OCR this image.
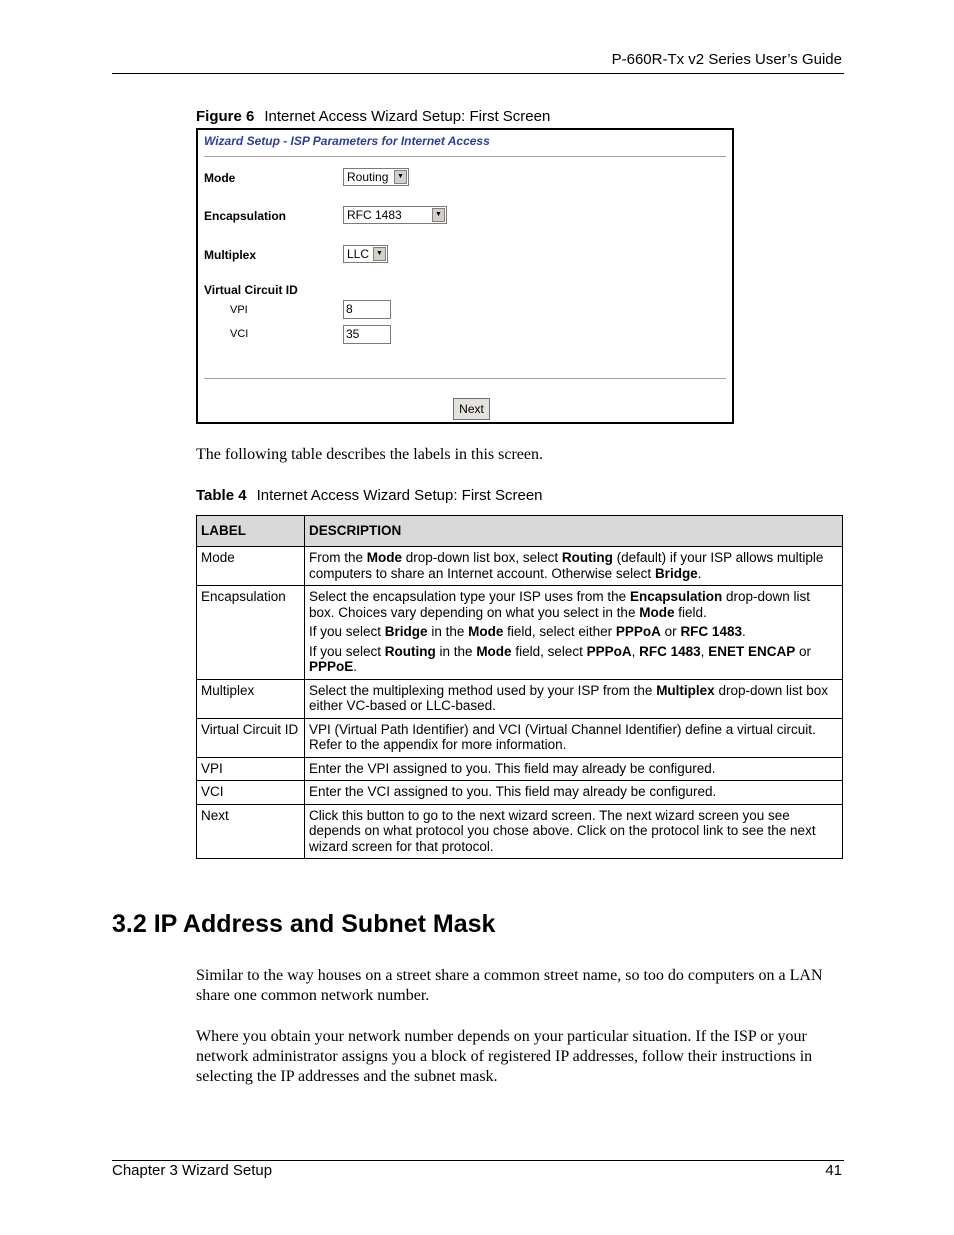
P-660R-Tx v2 Series User’s Guide
Figure 6 Internet Access Wizard Setup: First Screen
Wizard Setup - ISP Parameters for Internet Access
Mode	Routing	▼
Encapsulation	RFC 1483	▼
Multiplex	LLC	▼
Virtual Circuit ID
VPI	8
VCI	35
Next
The following table describes the labels in this screen.
Table 4 Internet Access Wizard Setup: First Screen
LABEL	DESCRIPTION
Mode	From the Mode drop-down list box, select Routing (default) if your ISP allows multiple computers to share an Internet account. Otherwise select Bridge.
Encapsulation	Select the encapsulation type your ISP uses from the Encapsulation drop-down list box. Choices vary depending on what you select in the Mode field.

If you select Bridge in the Mode field, select either PPPoA or RFC 1483.

If you select Routing in the Mode field, select PPPoA, RFC 1483, ENET ENCAP or PPPoE.

Multiplex	Select the multiplexing method used by your ISP from the Multiplex drop-down list box either VC-based or LLC-based.
Virtual Circuit ID	VPI (Virtual Path Identifier) and VCI (Virtual Channel Identifier) define a virtual circuit. Refer to the appendix for more information.
VPI	Enter the VPI assigned to you. This field may already be configured.
VCI	Enter the VCI assigned to you. This field may already be configured.
Next	Click this button to go to the next wizard screen. The next wizard screen you see depends on what protocol you chose above. Click on the protocol link to see the next wizard screen for that protocol.
3.2 IP Address and Subnet Mask
Similar to the way houses on a street share a common street name, so too do computers on a LAN share one common network number.
Where you obtain your network number depends on your particular situation. If the ISP or your network administrator assigns you a block of registered IP addresses, follow their instructions in selecting the IP addresses and the subnet mask.
Chapter 3 Wizard Setup	41
